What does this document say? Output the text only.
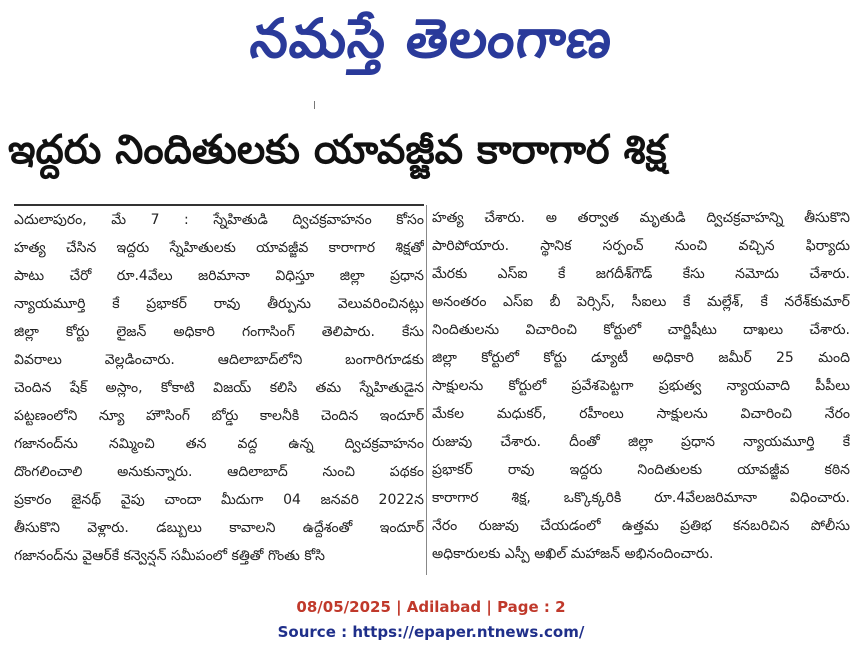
నమస్తే తెలంగాణ
ఇద్దరు నిందితులకు యావజ్జీవ కారాగార శిక్ష
ఎదులాపురం, మే 7 : స్నేహితుడి ద్విచక్రవాహనం కోసం
హత్య చేసిన ఇద్దరు స్నేహితులకు యావజ్జీవ కారాగార శిక్షతో
పాటు చేరో రూ.4వేలు జరిమానా విధిస్తూ జిల్లా ప్రధాన
న్యాయమూర్తి కే ప్రభాకర్ రావు తీర్పును వెలువరించినట్లు
జిల్లా కోర్టు లైజన్ అధికారి గంగాసింగ్ తెలిపారు. కేసు
వివరాలు వెల్లడించారు. ఆదిలాబాద్‌లోని బంగారిగూడకు
చెందిన షేక్ అస్లాం, కోకాటి విజయ్ కలిసి తమ స్నేహితుడైన
పట్టణంలోని న్యూ హౌసింగ్ బోర్డు కాలనీకి చెందిన ఇందూర్
గజానంద్‌ను నమ్మించి తన వద్ద ఉన్న ద్విచక్రవాహనం
దొంగలించాలి అనుకున్నారు. ఆదిలాబాద్ నుంచి పథకం
ప్రకారం జైనథ్ వైపు చాందా మీదుగా 04 జనవరి 2022న
తీసుకొని వెళ్లారు. డబ్బులు కావాలని ఉద్దేశంతో ఇందూర్
గజానంద్‌ను వైఆర్‌కే కన్వెన్షన్ సమీపంలో కత్తితో గొంతు కోసి
హత్య చేశారు. అ తర్వాత మృతుడి ద్విచక్రవాహన్ని తీసుకొని
పారిపోయారు. స్థానిక సర్పంచ్ నుంచి వచ్చిన ఫిర్యాదు
మేరకు ఎస్ఐ కే జగదీశ్‌గౌడ్ కేసు నమోదు చేశారు.
అనంతరం ఎస్ఐ బీ పెర్సిస్, సీఐలు కే మల్లేశ్, కే నరేశ్‌కుమార్
నిందితులను విచారించి కోర్టులో చార్జిషీటు దాఖలు చేశారు.
జిల్లా కోర్టులో కోర్టు డ్యూటీ అధికారి జమీర్ 25 మంది
సాక్షులను కోర్టులో ప్రవేశపెట్టగా ప్రభుత్వ న్యాయవాది పీపీలు
మేకల మధుకర్, రహీంలు సాక్షులను విచారించి నేరం
రుజువు చేశారు. దీంతో జిల్లా ప్రధాన న్యాయమూర్తి కే
ప్రభాకర్ రావు ఇద్దరు నిందితులకు యావజ్జీవ కఠిన
కారాగార శిక్ష, ఒక్కొక్కరికి రూ.4వేలజరిమానా విధించారు.
నేరం రుజువు చేయడంలో ఉత్తమ ప్రతిభ కనబరిచిన పోలీసు
అధికారులకు ఎస్పీ అఖిల్ మహాజన్ అభినందించారు.
08/05/2025 | Adilabad | Page : 2
Source : https://epaper.ntnews.com/
